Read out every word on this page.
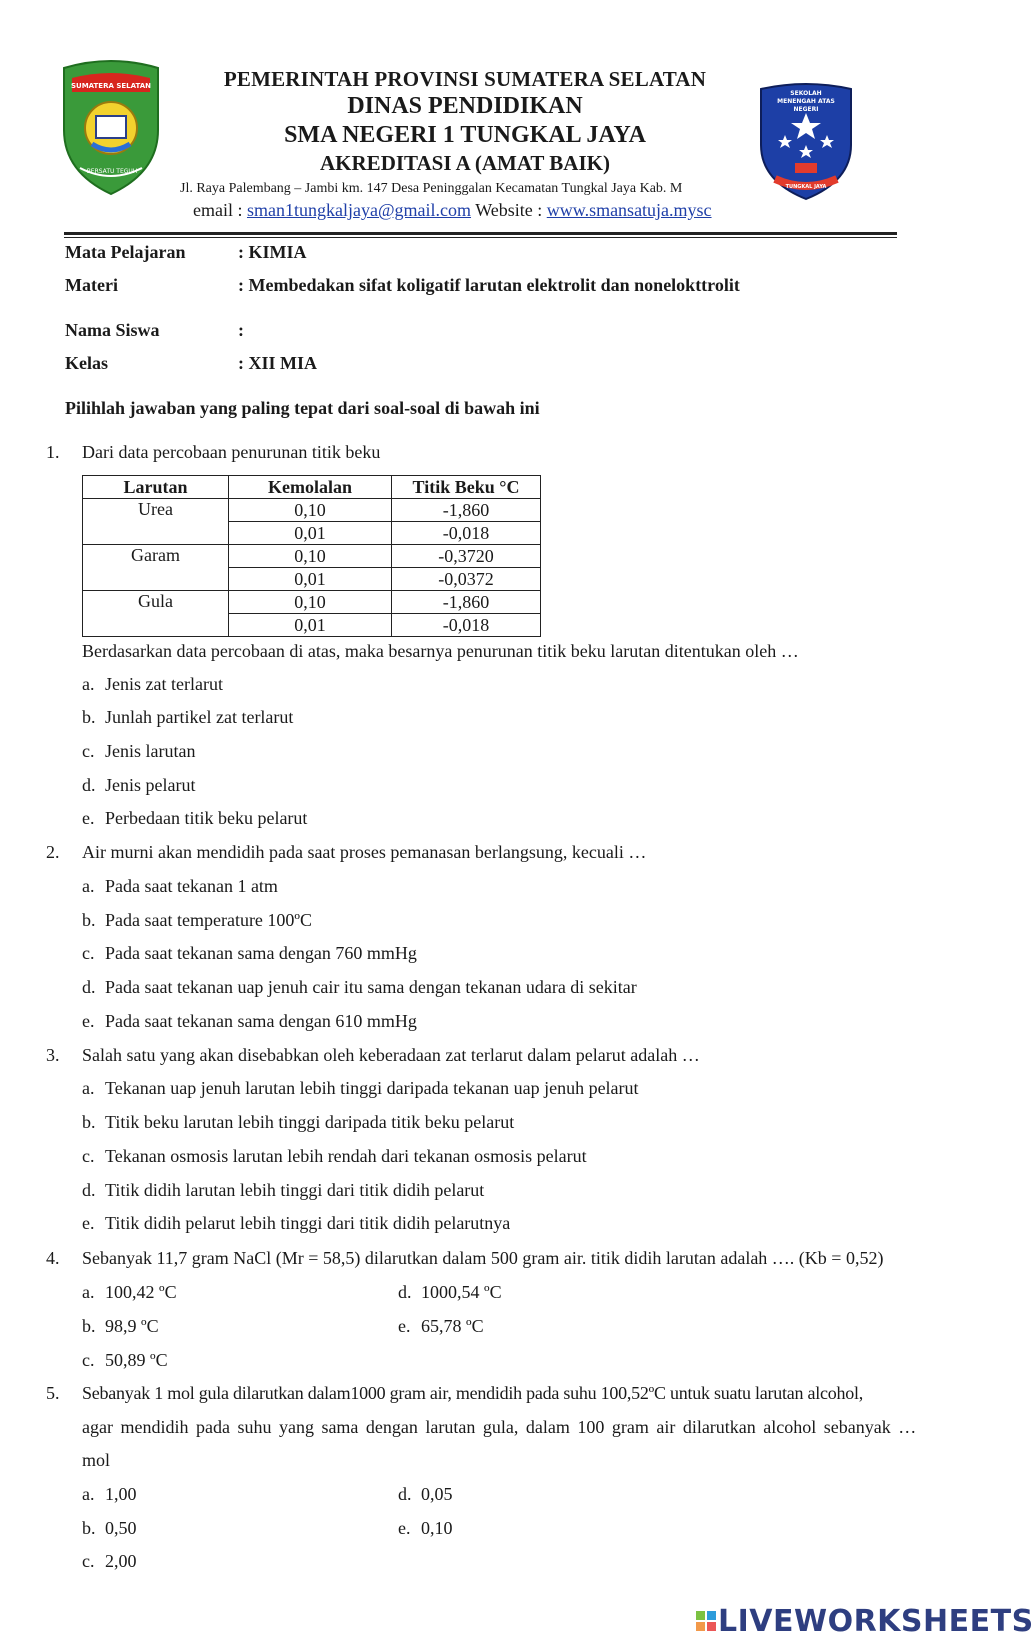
SUMATERA SELATAN
BERSATU TEGUH
SEKOLAH MENENGAH ATAS NEGERI
TUNGKAL JAYA
PEMERINTAH PROVINSI SUMATERA SELATAN
DINAS PENDIDIKAN
SMA NEGERI 1 TUNGKAL JAYA
AKREDITASI A (AMAT BAIK)
Jl. Raya Palembang – Jambi km. 147 Desa Peninggalan Kecamatan Tungkal Jaya Kab. M
email : sman1tungkaljaya@gmail.com Website : www.smansatuja.mysc
Mata Pelajaran	: KIMIA
Materi	: Membedakan sifat koligatif larutan elektrolit dan nonelokttrolit
Nama Siswa	:
Kelas	: XII MIA
Pilihlah jawaban yang paling tepat dari soal-soal di bawah ini
1. Dari data percobaan penurunan titik beku
Larutan	Kemolalan	Titik Beku °C
Urea	0,10	-1,860
	0,01	-0,018
Garam	0,10	-0,3720
	0,01	-0,0372
Gula	0,10	-1,860
	0,01	-0,018
Berdasarkan data percobaan di atas, maka besarnya penurunan titik beku larutan ditentukan oleh …
a. Jenis zat terlarut
b. Junlah partikel zat terlarut
c. Jenis larutan
d. Jenis pelarut
e. Perbedaan titik beku pelarut
2. Air murni akan mendidih pada saat proses pemanasan berlangsung, kecuali …
a. Pada saat tekanan 1 atm
b. Pada saat temperature 100ºC
c. Pada saat tekanan sama dengan 760 mmHg
d. Pada saat tekanan uap jenuh cair itu sama dengan tekanan udara di sekitar
e. Pada saat tekanan sama dengan 610 mmHg
3. Salah satu yang akan disebabkan oleh keberadaan zat terlarut dalam pelarut adalah …
a. Tekanan uap jenuh larutan lebih tinggi daripada tekanan uap jenuh pelarut
b. Titik beku larutan lebih tinggi daripada titik beku pelarut
c. Tekanan osmosis larutan lebih rendah dari tekanan osmosis pelarut
d. Titik didih larutan lebih tinggi dari titik didih pelarut
e. Titik didih pelarut lebih tinggi dari titik didih pelarutnya
4. Sebanyak 11,7 gram NaCl (Mr = 58,5) dilarutkan dalam 500 gram air. titik didih larutan adalah …. (Kb = 0,52)
a. 100,42 ºC	d. 1000,54 ºC
b. 98,9 ºC	e. 65,78 ºC
c. 50,89 ºC
5. Sebanyak 1 mol gula dilarutkan dalam1000 gram air, mendidih pada suhu 100,52ºC untuk suatu larutan alcohol,
agar mendidih pada suhu yang sama dengan larutan gula, dalam 100 gram air dilarutkan alcohol sebanyak …
mol
a. 1,00	d. 0,05
b. 0,50	e. 0,10
c. 2,00
LIVEWORKSHEETS
